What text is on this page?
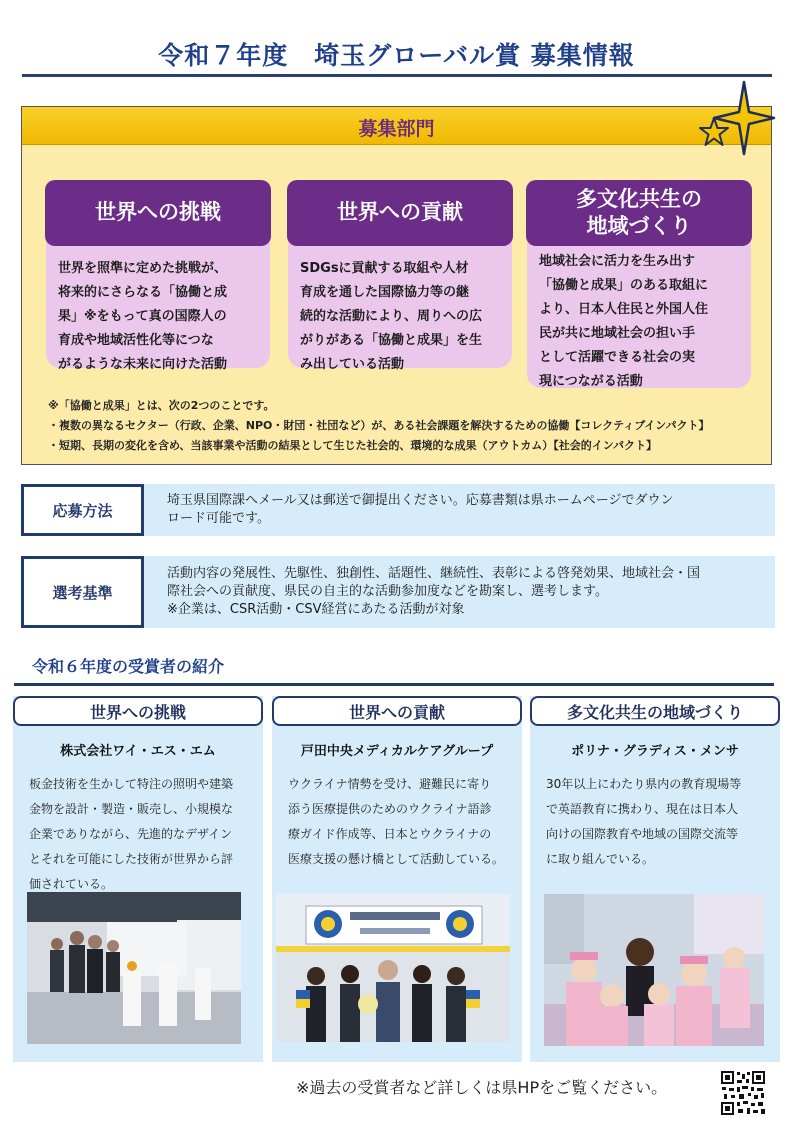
令和７年度　埼玉グローバル賞 募集情報
募集部門
世界への挑戦
世界を照準に定めた挑戦が、
将来的にさらなる「協働と成
果」※をもって真の国際人の
育成や地域活性化等につな
がるような未来に向けた活動
世界への貢献
SDGsに貢献する取組や人材
育成を通した国際協力等の継
続的な活動により、周りへの広
がりがある「協働と成果」を生
み出している活動
多文化共生の
地域づくり
地域社会に活力を生み出す
「協働と成果」のある取組に
より、日本人住民と外国人住
民が共に地域社会の担い手
として活躍できる社会の実
現につながる活動
※「協働と成果」とは、次の2つのことです。
・複数の異なるセクター（行政、企業、NPO・財団・社団など）が、ある社会課題を解決するための協働【コレクティブインパクト】
・短期、長期の変化を含め、当該事業や活動の結果として生じた社会的、環境的な成果（アウトカム）【社会的インパクト】
応募方法
埼玉県国際課へメール又は郵送で御提出ください。応募書類は県ホームページでダウン
ロード可能です。
選考基準
活動内容の発展性、先駆性、独創性、話題性、継続性、表彰による啓発効果、地域社会・国
際社会への貢献度、県民の自主的な活動参加度などを勘案し、選考します。
※企業は、CSR活動・CSV経営にあたる活動が対象
令和６年度の受賞者の紹介
世界への挑戦
株式会社ワイ・エス・エム
板金技術を生かして特注の照明や建築
金物を設計・製造・販売し、小規模な
企業でありながら、先進的なデザイン
とそれを可能にした技術が世界から評
価されている。
世界への貢献
戸田中央メディカルケアグループ
ウクライナ情勢を受け、避難民に寄り
添う医療提供のためのウクライナ語診
療ガイド作成等、日本とウクライナの
医療支援の懸け橋として活動している。
多文化共生の地域づくり
ポリナ・グラディス・メンサ
30年以上にわたり県内の教育現場等
で英語教育に携わり、現在は日本人
向けの国際教育や地域の国際交流等
に取り組んでいる。
※過去の受賞者など詳しくは県HPをご覧ください。
